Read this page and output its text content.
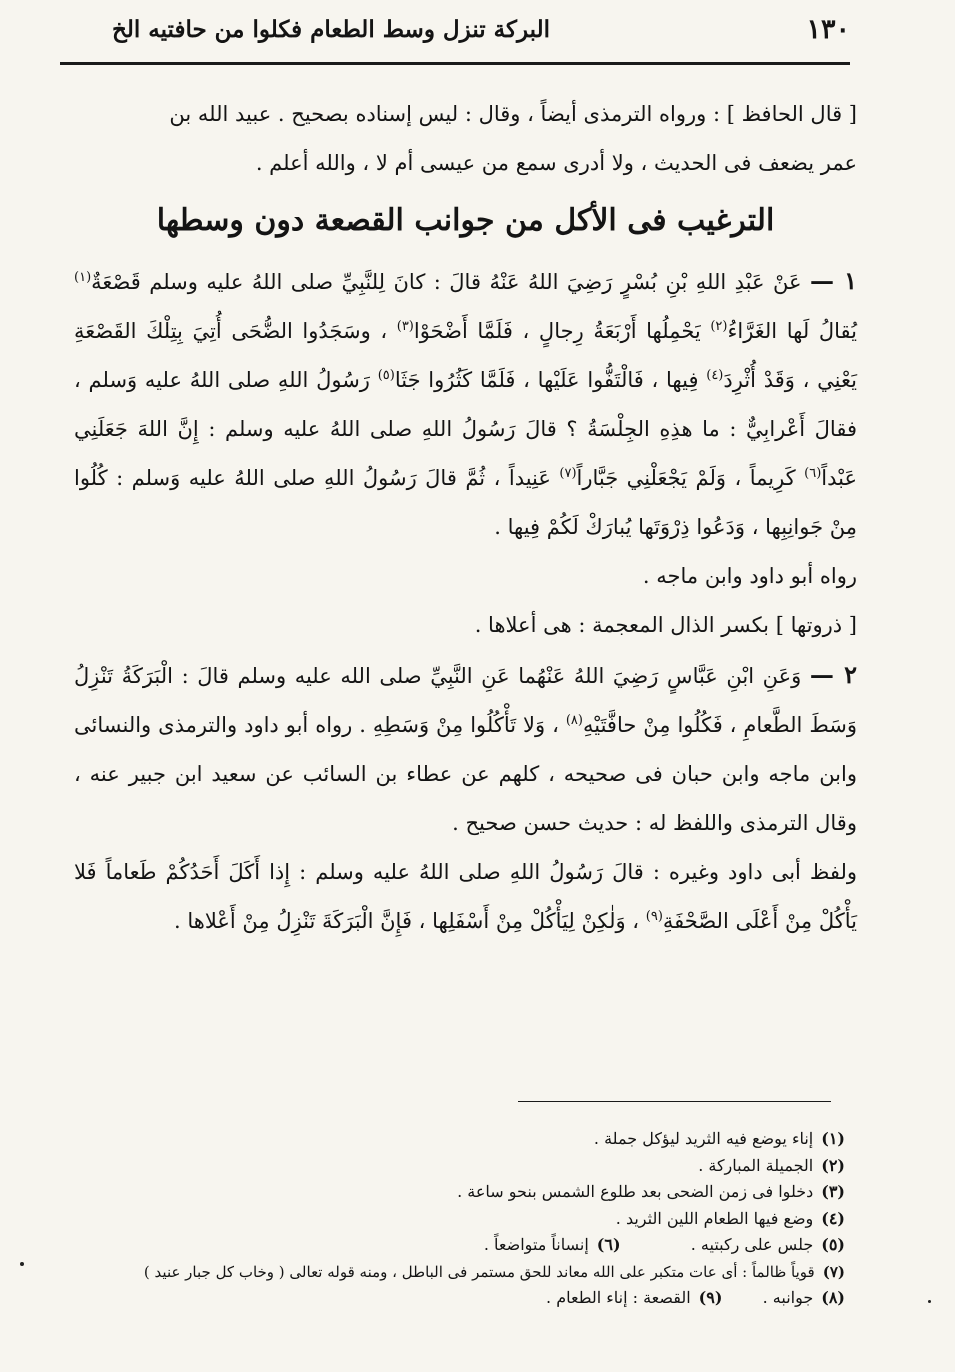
١٣٠
البركة تنزل وسط الطعام فكلوا من حافتيه الخ

[ قال الحافظ ] : ورواه الترمذى أيضاً ، وقال : ليس إسناده بصحيح . عبيد الله بن

عمر يضعف فى الحديث ، ولا أدرى سمع من عيسى أم لا ، والله أعلم .

الترغيب فى الأكل من جوانب القصعة دون وسطها

١ — عَنْ عَبْدِ اللهِ بْنِ بُسْرٍ رَضِيَ اللهُ عَنْهُ قالَ : كانَ لِلنَّبِيِّ صلى اللهُ عليه وسلم قَصْعَةٌ$^{(١)}$ يُقالُ لَها الغَرَّاءُ$^{(٢)}$ يَحْمِلُها أَرْبَعَةُ رِجالٍ ، فَلَمَّا أَضْحَوْا$^{(٣)}$ ، وسَجَدُوا الضُّحَى أُتِيَ بِتِلْكَ القَصْعَةِ يَعْنِي ، وَقَدْ أُثْرِدَ$^{(٤)}$ فِيها ، فَالْتَفُّوا عَلَيْها ، فَلَمَّا كَثُرُوا جَثَا$^{(٥)}$ رَسُولُ اللهِ صلى اللهُ عليه وَسلم ، فقالَ أَعْرابِيٌّ : ما هذِهِ الجِلْسَةُ ؟ قالَ رَسُولُ اللهِ صلى اللهُ عليه وسلم : إِنَّ اللهَ جَعَلَنِي عَبْداً$^{(٦)}$ كَرِيماً ، وَلَمْ يَجْعَلْنِي جَبَّاراً$^{(٧)}$ عَنِيداً ، ثُمَّ قالَ رَسُولُ اللهِ صلى اللهُ عليه وَسلم : كُلُوا مِنْ جَوانِبِها ، وَدَعُوا ذِرْوَتَها يُبارَكْ لَكُمْ فِيها .

رواه أبو داود وابن ماجه .

[ ذروتها ] بكسر الذال المعجمة : هى أعلاها .

٢ — وَعَنِ ابْنِ عَبَّاسٍ رَضِيَ اللهُ عَنْهُما عَنِ النَّبِيِّ صلى الله عليه وسلم قالَ : الْبَرَكَةُ تَنْزِلُ وَسَطَ الطَّعامِ ، فَكُلُوا مِنْ حافَّتَيْهِ$^{(٨)}$ ، وَلا تَأْكُلُوا مِنْ وَسَطِهِ . رواه أبو داود والترمذى والنسائى وابن ماجه وابن حبان فى صحيحه ، كلهم عن عطاء بن السائب عن سعيد ابن جبير عنه ، وقال الترمذى واللفظ له : حديث حسن صحيح .

ولفظ أبى داود وغيره : قالَ رَسُولُ اللهِ صلى اللهُ عليه وسلم : إِذا أَكَلَ أَحَدُكُمْ طَعاماً فَلا يَأْكُلْ مِنْ أَعْلَى الصَّحْفَةِ$^{(٩)}$ ، وَلٰكِنْ لِيَأْكُلْ مِنْ أَسْفَلِها ، فَإِنَّ الْبَرَكَةَ تَنْزِلُ مِنْ أَعْلاها .

(١)إناء يوضع فيه الثريد ليؤكل جملة .
(٢)الجميلة المباركة .
(٣)دخلوا فى زمن الضحى بعد طلوع الشمس بنحو ساعة .
(٤)وضع فيها الطعام اللين الثريد .
(٥)جلس على ركبتيه .  (٦)إنساناً متواضعاً .
(٧)قوياً ظالماً : أى عات متكبر على الله معاند للحق مستمر فى الباطل ، ومنه قوله تعالى ( وخاب كل جبار عنيد )
(٨)جوانبه .  (٩)القصعة : إناء الطعام .
